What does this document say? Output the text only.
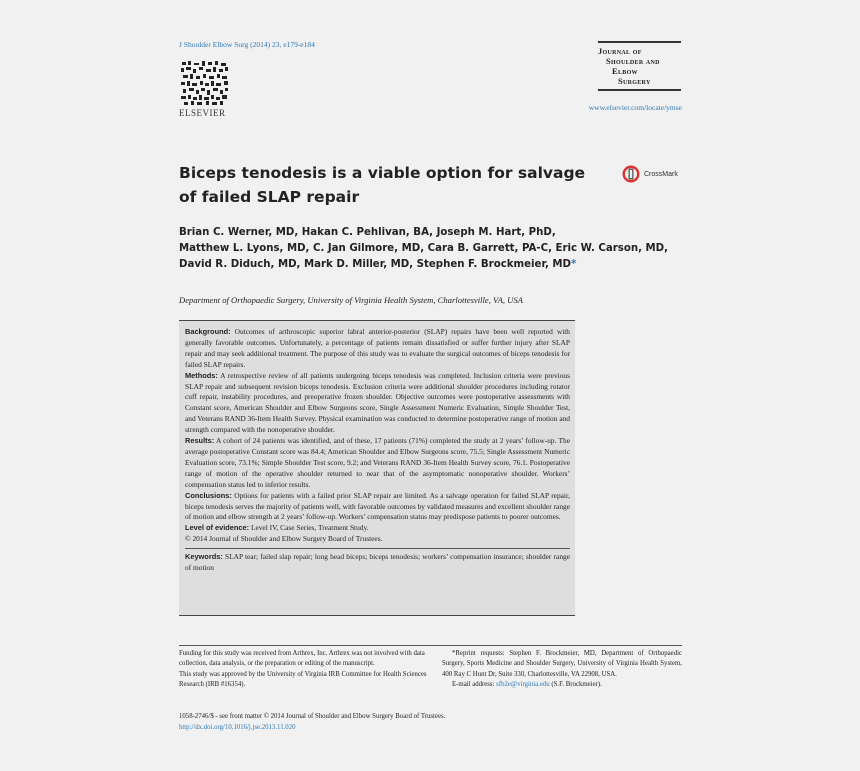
J Shoulder Elbow Surg (2014) 23, e179-e184
ELSEVIER
Journal of
Shoulder and
Elbow
Surgery
www.elsevier.com/locate/ymse
Biceps tenodesis is a viable option for salvage of failed SLAP repair
CrossMark
Brian C. Werner, MD, Hakan C. Pehlivan, BA, Joseph M. Hart, PhD,
Matthew L. Lyons, MD, C. Jan Gilmore, MD, Cara B. Garrett, PA-C, Eric W. Carson, MD,
David R. Diduch, MD, Mark D. Miller, MD, Stephen F. Brockmeier, MD*
Department of Orthopaedic Surgery, University of Virginia Health System, Charlottesville, VA, USA

Background: Outcomes of arthroscopic superior labral anterior-posterior (SLAP) repairs have been well reported with generally favorable outcomes. Unfortunately, a percentage of patients remain dissatisfied or suffer further injury after SLAP repair and may seek additional treatment. The purpose of this study was to evaluate the surgical outcomes of biceps tenodesis for failed SLAP repairs.

Methods: A retrospective review of all patients undergoing biceps tenodesis was completed. Inclusion criteria were previous SLAP repair and subsequent revision biceps tenodesis. Exclusion criteria were additional shoulder procedures including rotator cuff repair, instability procedures, and preoperative frozen shoulder. Objective outcomes were postoperative assessments with Constant score, American Shoulder and Elbow Surgeons score, Single Assessment Numeric Evaluation, Simple Shoulder Test, and Veterans RAND 36-Item Health Survey. Physical examination was conducted to determine postoperative range of motion and strength compared with the nonoperative shoulder.

Results: A cohort of 24 patients was identified, and of these, 17 patients (71%) completed the study at 2 years’ follow-up. The average postoperative Constant score was 84.4; American Shoulder and Elbow Surgeons score, 75.5; Single Assessment Numeric Evaluation score, 73.1%; Simple Shoulder Test score, 9.2; and Veterans RAND 36-Item Health Survey score, 76.1. Postoperative range of motion of the operative shoulder returned to near that of the asymptomatic nonoperative shoulder. Workers’ compensation status led to inferior results.

Conclusions: Options for patients with a failed prior SLAP repair are limited. As a salvage operation for failed SLAP repair, biceps tenodesis serves the majority of patients well, with favorable outcomes by validated measures and excellent shoulder range of motion and elbow strength at 2 years’ follow-up. Workers’ compensation status may predispose patients to poorer outcomes.

Level of evidence: Level IV, Case Series, Treatment Study.

© 2014 Journal of Shoulder and Elbow Surgery Board of Trustees.

Keywords: SLAP tear; failed slap repair; long head biceps; biceps tenodesis; workers’ compensation insurance; shoulder range of motion

Funding for this study was received from Arthrex, Inc. Arthrex was not involved with data collection, data analysis, or the preparation or editing of the manuscript.
This study was approved by the University of Virginia IRB Committee for Health Sciences Research (IRB #16354).
*Reprint requests: Stephen F. Brockmeier, MD, Department of Orthopaedic Surgery, Sports Medicine and Shoulder Surgery, University of Virginia Health System, 400 Ray C Hunt Dr, Suite 330, Charlottesville, VA 22908, USA.
E-mail address: sfb2e@virginia.edu (S.F. Brockmeier).
1058-2746/$ - see front matter © 2014 Journal of Shoulder and Elbow Surgery Board of Trustees.
http://dx.doi.org/10.1016/j.jse.2013.11.020
